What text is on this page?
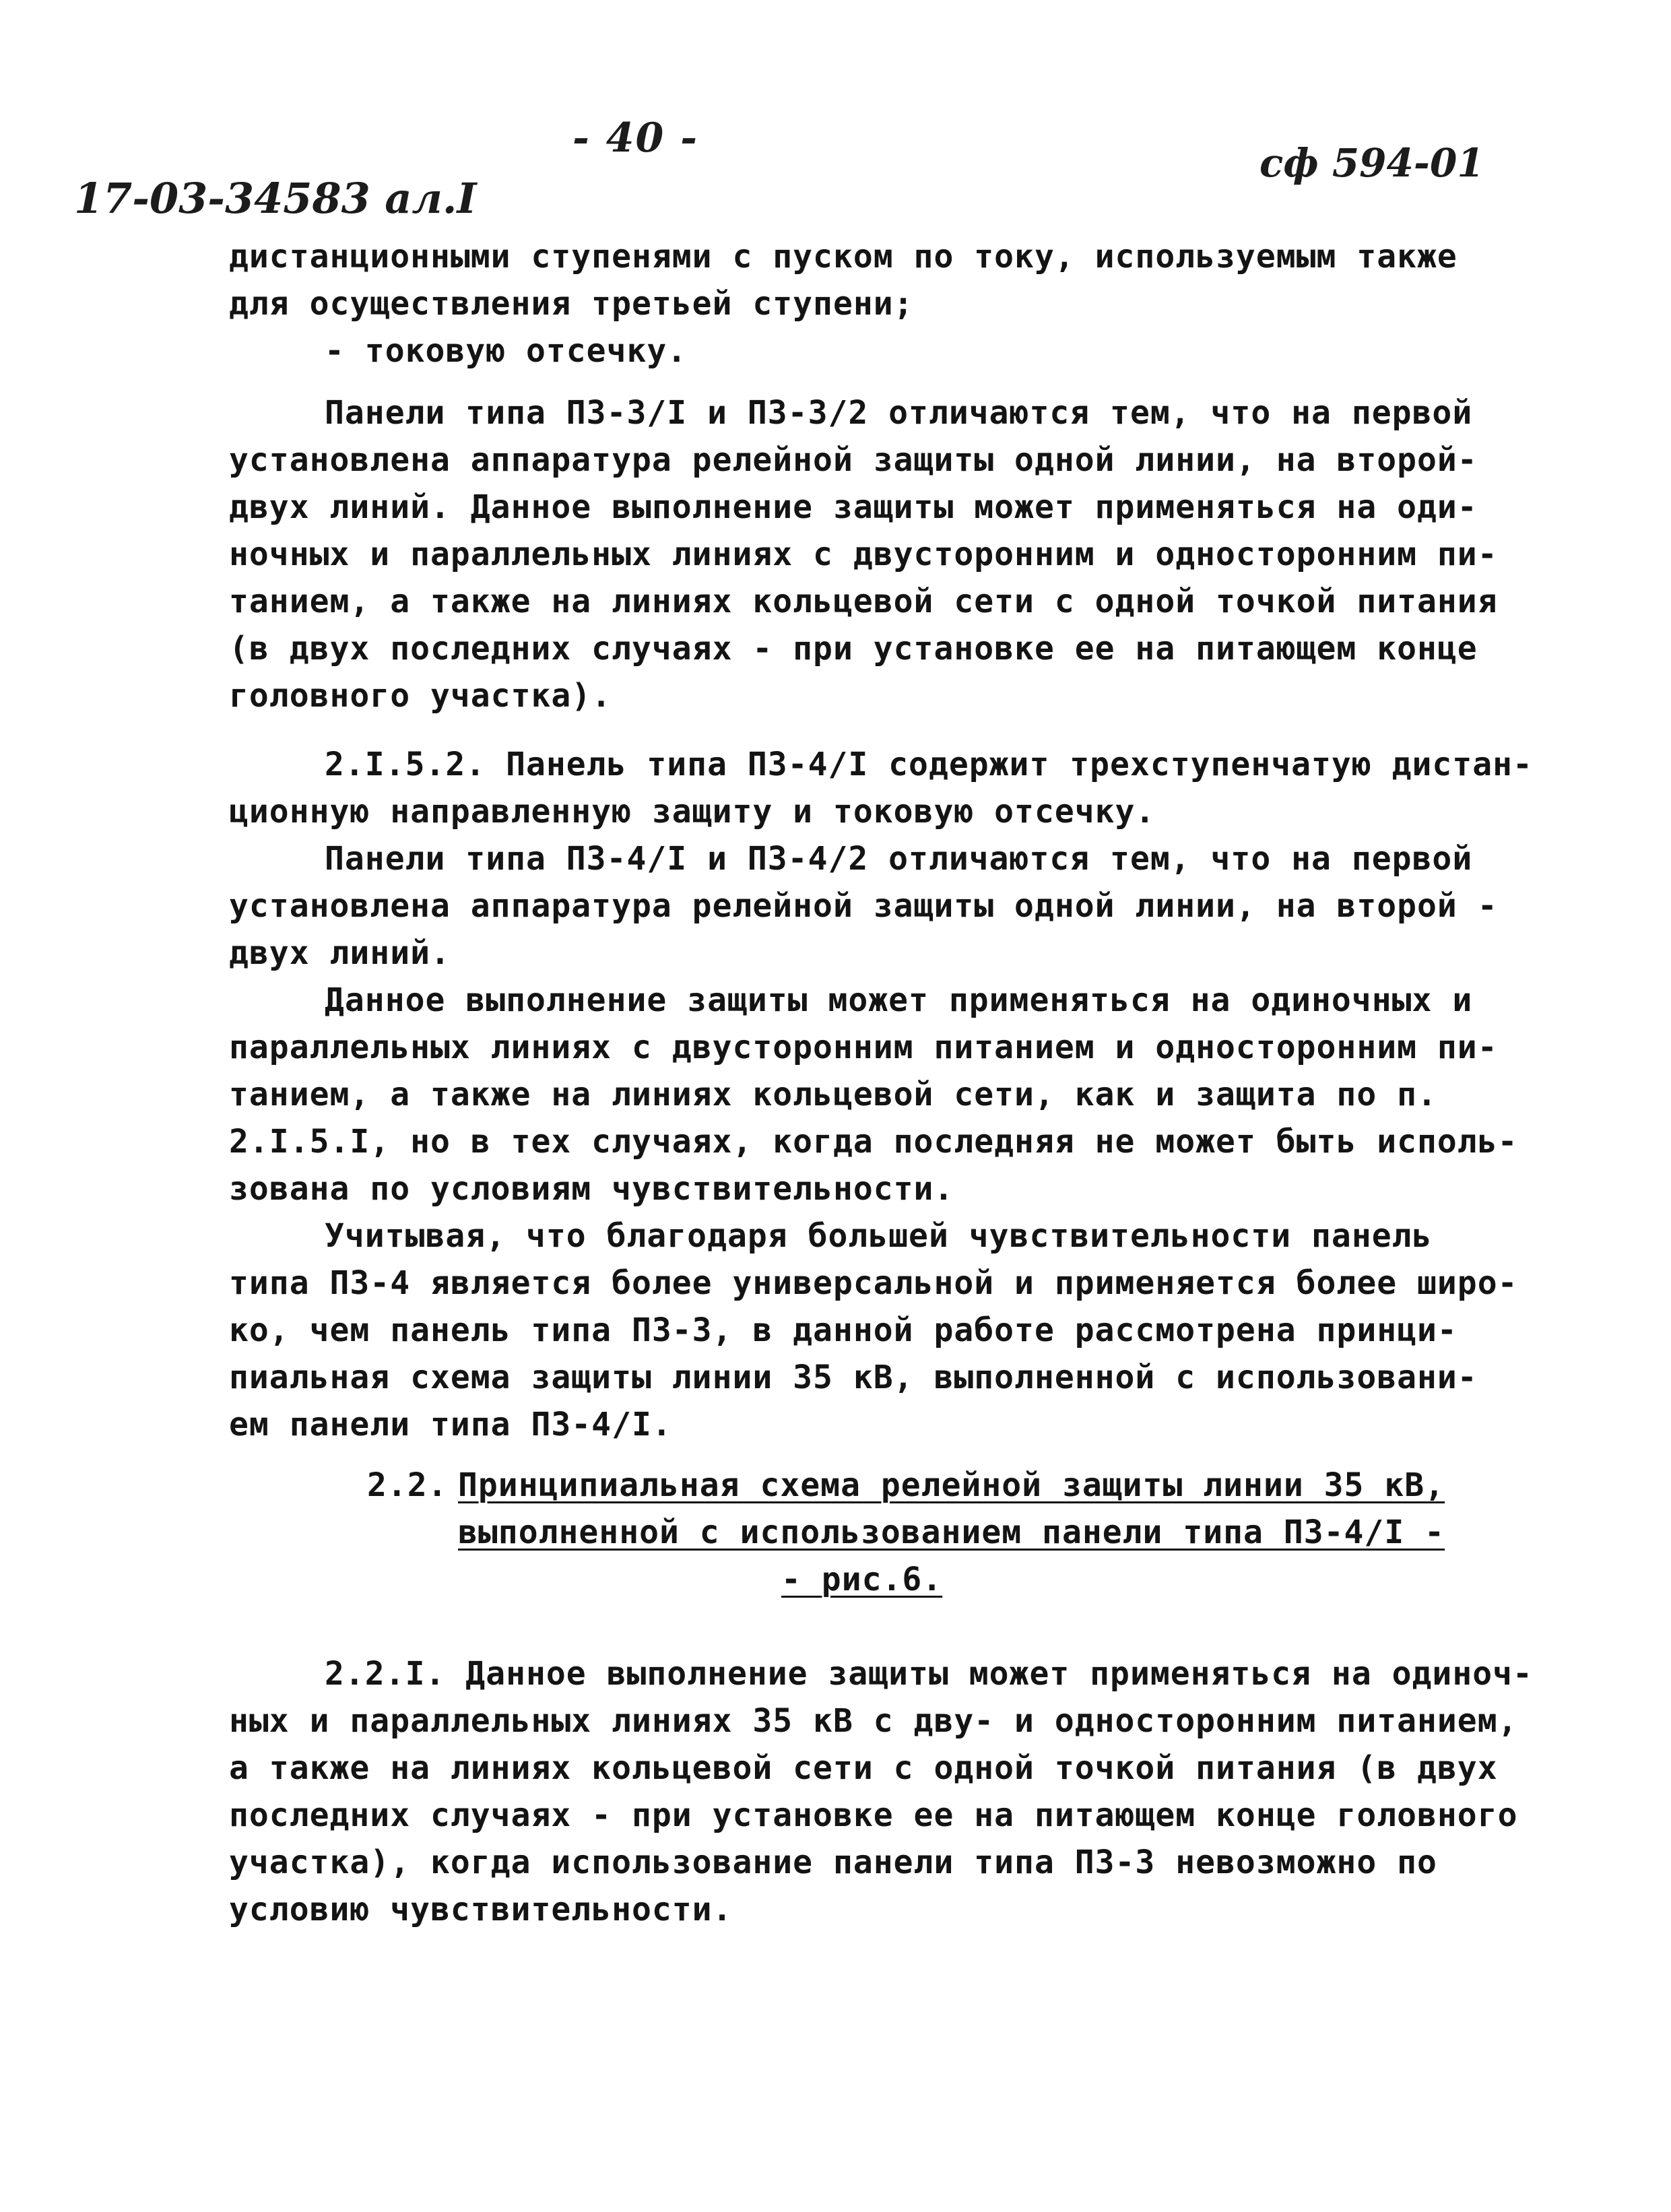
- 40 -
сф 594-01
17-03-34583 ал.I
дистанционными ступенями с пуском по току, используемым также
для осуществления третьей ступени;
- токовую отсечку.
Панели типа ПЗ-3/I и ПЗ-3/2 отличаются тем, что на первой
установлена аппаратура релейной защиты одной линии, на второй-
двух линий. Данное выполнение защиты может применяться на оди-
ночных и параллельных линиях с двусторонним и односторонним пи-
танием, а также на линиях кольцевой сети с одной точкой питания
(в двух последних случаях - при установке ее на питающем конце
головного участка).
2.I.5.2. Панель типа ПЗ-4/I содержит трехступенчатую дистан-
ционную направленную защиту и токовую отсечку.
Панели типа ПЗ-4/I и ПЗ-4/2 отличаются тем, что на первой
установлена аппаратура релейной защиты одной линии, на второй -
двух линий.
Данное выполнение защиты может применяться на одиночных и
параллельных линиях с двусторонним питанием и односторонним пи-
танием, а также на линиях кольцевой сети, как и защита по п.
2.I.5.I, но в тех случаях, когда последняя не может быть исполь-
зована по условиям чувствительности.
Учитывая, что благодаря большей чувствительности панель
типа ПЗ-4 является более универсальной и применяется более широ-
ко, чем панель типа ПЗ-3, в данной работе рассмотрена принци-
пиальная схема защиты линии 35 кВ, выполненной с использовани-
ем панели типа ПЗ-4/I.
2.2. Принципиальная схема релейной защиты линии 35 кВ,
выполненной с использованием панели типа ПЗ-4/I -
- рис.6.
2.2.I. Данное выполнение защиты может применяться на одиноч-
ных и параллельных линиях 35 кВ с дву- и односторонним питанием,
а также на линиях кольцевой сети с одной точкой питания (в двух
последних случаях - при установке ее на питающем конце головного
участка), когда использование панели типа ПЗ-3 невозможно по
условию чувствительности.
